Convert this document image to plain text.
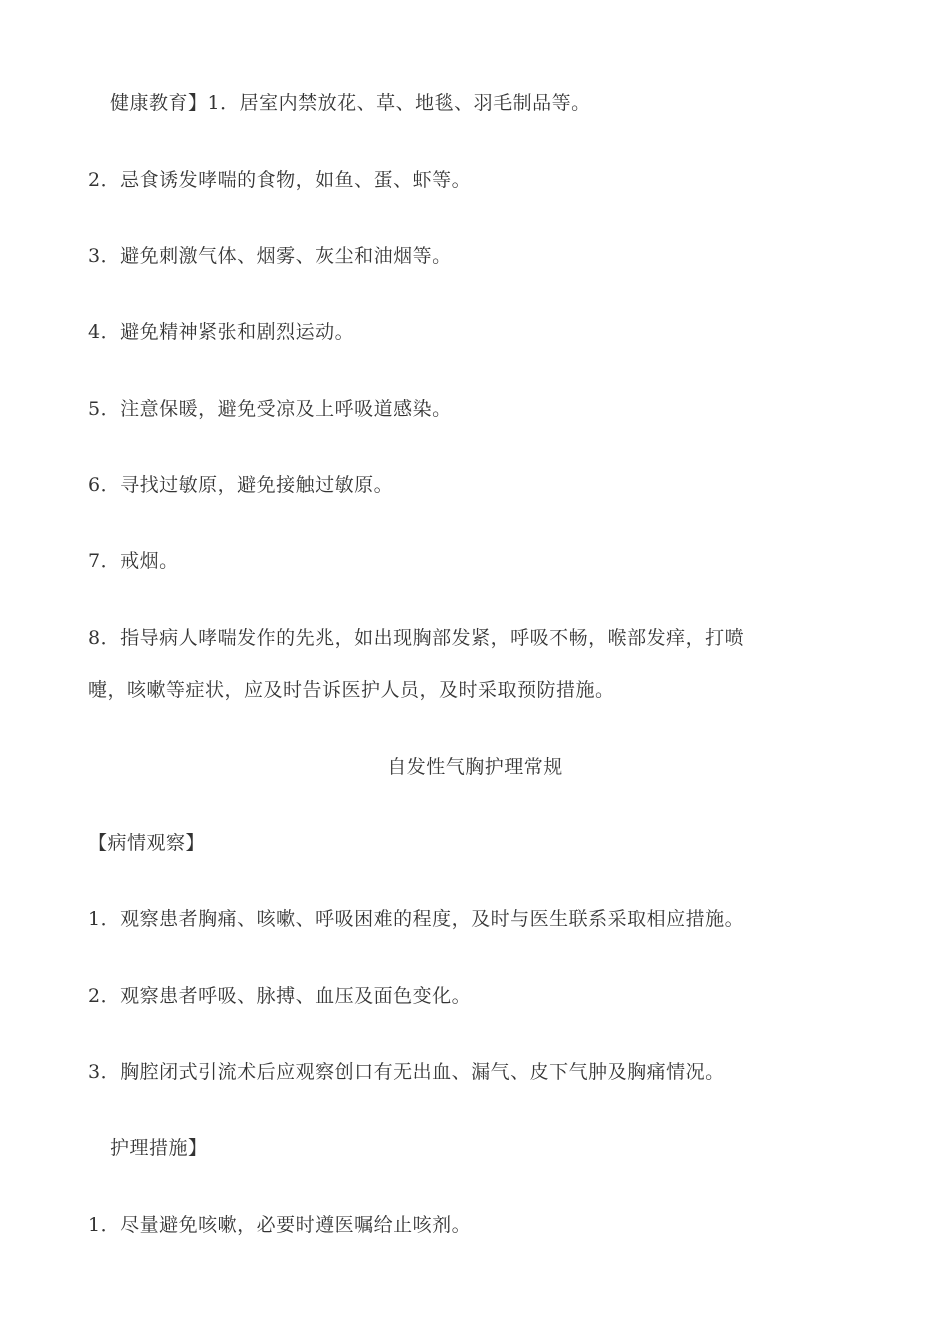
健康教育】1．居室内禁放花、草、地毯、羽毛制品等。
2．忌食诱发哮喘的食物，如鱼、蛋、虾等。
3．避免刺激气体、烟雾、灰尘和油烟等。
4．避免精神紧张和剧烈运动。
5．注意保暖，避免受凉及上呼吸道感染。
6．寻找过敏原，避免接触过敏原。
7．戒烟。
8．指导病人哮喘发作的先兆，如出现胸部发紧，呼吸不畅，喉部发痒，打喷
嚏，咳嗽等症状，应及时告诉医护人员，及时采取预防措施。
自发性气胸护理常规
【病情观察】
1．观察患者胸痛、咳嗽、呼吸困难的程度，及时与医生联系采取相应措施。
2．观察患者呼吸、脉搏、血压及面色变化。
3．胸腔闭式引流术后应观察创口有无出血、漏气、皮下气肿及胸痛情况。
护理措施】
1．尽量避免咳嗽，必要时遵医嘱给止咳剂。
